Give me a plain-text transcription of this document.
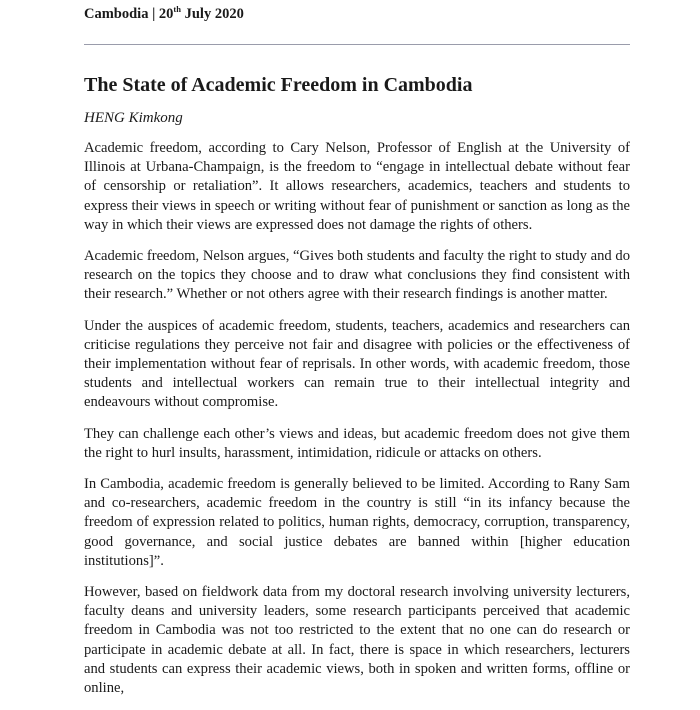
Cambodia | 20th July 2020
The State of Academic Freedom in Cambodia

HENG Kimkong

Academic freedom, according to Cary Nelson, Professor of English at the University of Illinois at Urbana-Champaign, is the freedom to “engage in intellectual debate without fear of censorship or retaliation”. It allows researchers, academics, teachers and students to express their views in speech or writing without fear of punishment or sanction as long as the way in which their views are expressed does not damage the rights of others.

Academic freedom, Nelson argues, “Gives both students and faculty the right to study and do research on the topics they choose and to draw what conclusions they find consistent with their research.” Whether or not others agree with their research findings is another matter.

Under the auspices of academic freedom, students, teachers, academics and researchers can criticise regulations they perceive not fair and disagree with policies or the effectiveness of their implementation without fear of reprisals. In other words, with academic freedom, those students and intellectual workers can remain true to their intellectual integrity and endeavours without compromise.

They can challenge each other’s views and ideas, but academic freedom does not give them the right to hurl insults, harassment, intimidation, ridicule or attacks on others.

In Cambodia, academic freedom is generally believed to be limited. According to Rany Sam and co-researchers, academic freedom in the country is still “in its infancy because the freedom of expression related to politics, human rights, democracy, corruption, transparency, good governance, and social justice debates are banned within [higher education institutions]”.

However, based on fieldwork data from my doctoral research involving university lecturers, faculty deans and university leaders, some research participants perceived that academic freedom in Cambodia was not too restricted to the extent that no one can do research or participate in academic debate at all. In fact, there is space in which researchers, lecturers and students can express their academic views, both in spoken and written forms, offline or online,
